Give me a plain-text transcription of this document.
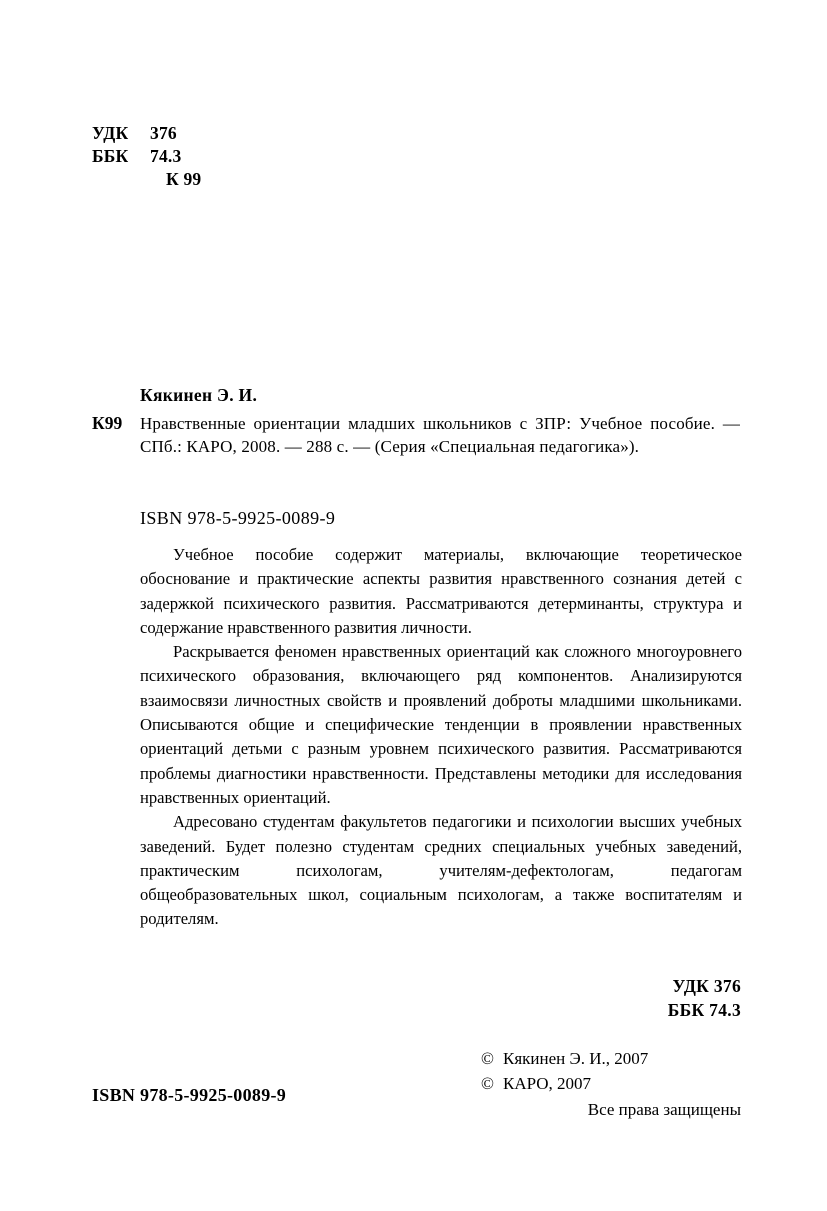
УДК	376
ББК	74.3
К 99
Кякинен Э. И.
К99	Нравственные ориентации младших школьников с ЗПР: Учебное пособие. — СПб.: КАРО, 2008. — 288 с. — (Серия «Специальная педагогика»).
ISBN 978-5-9925-0089-9

Учебное пособие содержит материалы, включающие теоретическое обоснование и практические аспекты развития нравственного сознания детей с задержкой психического развития. Рассматриваются детерминанты, структура и содержание нравственного развития личности.

Раскрывается феномен нравственных ориентаций как сложного многоуровнего психического образования, включающего ряд компонентов. Анализируются взаимосвязи личностных свойств и проявлений доброты младшими школьниками. Описываются общие и специфические тенденции в проявлении нравственных ориентаций детьми с разным уровнем психического развития. Рассматриваются проблемы диагностики нравственности. Представлены методики для исследования нравственных ориентаций.

Адресовано студентам факультетов педагогики и психологии высших учебных заведений. Будет полезно студентам средних специальных учебных заведений, практическим психологам, учителям-дефектологам, педагогам общеобразовательных школ, социальным психологам, а также воспитателям и родителям.

УДК 376
ББК 74.3
© Кякинен Э. И., 2007
© КАРО, 2007
Все права защищены
ISBN 978-5-9925-0089-9
